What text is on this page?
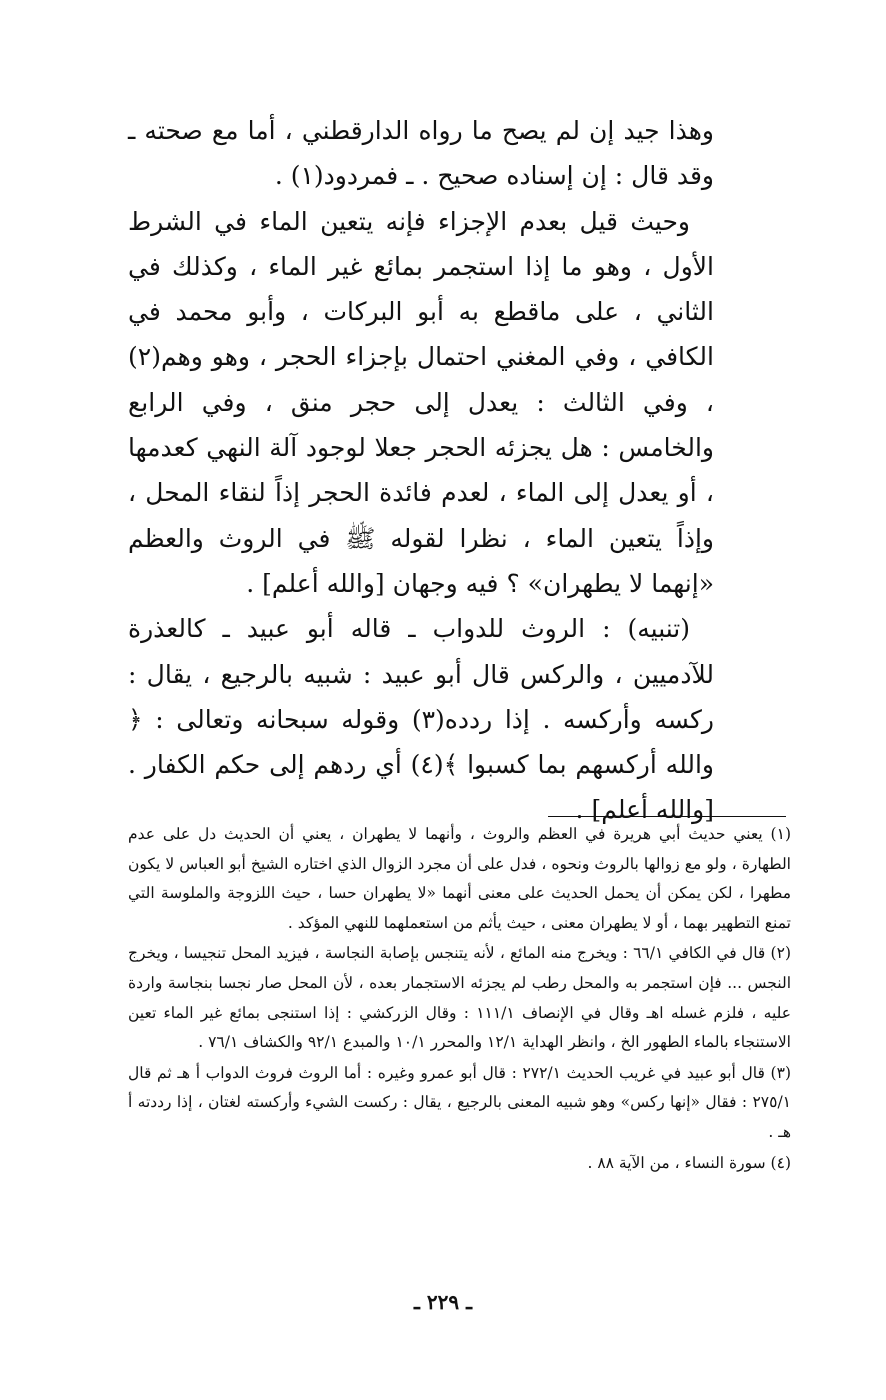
وهذا جيد إن لم يصح ما رواه الدارقطني ، أما مع صحته ـ وقد قال : إن إسناده صحيح . ـ فمردود(١) .

وحيث قيل بعدم الإجزاء فإنه يتعين الماء في الشرط الأول ، وهو ما إذا استجمر بمائع غير الماء ، وكذلك في الثاني ، على ماقطع به أبو البركات ، وأبو محمد في الكافي ، وفي المغني احتمال بإجزاء الحجر ، وهو وهم(٢) ، وفي الثالث : يعدل إلى حجر منق ، وفي الرابع والخامس : هل يجزئه الحجر جعلا لوجود آلة النهي كعدمها ، أو يعدل إلى الماء ، لعدم فائدة الحجر إذاً لنقاء المحل ، وإذاً يتعين الماء ، نظرا لقوله ﷺ في الروث والعظم «إنهما لا يطهران» ؟ فيه وجهان [والله أعلم] .

(تنبيه) : الروث للدواب ـ قاله أبو عبيد ـ كالعذرة للآدميين ، والركس قال أبو عبيد : شبيه بالرجيع ، يقال : ركسه وأركسه . إذا ردده(٣) وقوله سبحانه وتعالى : ﴿ والله أركسهم بما كسبوا ﴾(٤) أي ردهم إلى حكم الكفار . [والله أعلم] .

(١) يعني حديث أبي هريرة في العظم والروث ، وأنهما لا يطهران ، يعني أن الحديث دل على عدم الطهارة ، ولو مع زوالها بالروث ونحوه ، فدل على أن مجرد الزوال الذي اختاره الشيخ أبو العباس لا يكون مطهرا ، لكن يمكن أن يحمل الحديث على معنى أنهما «لا يطهران حسا ، حيث اللزوجة والملوسة التي تمنع التطهير بهما ، أو لا يطهران معنى ، حيث يأثم من استعملهما للنهي المؤكد .

(٢) قال في الكافي ٦٦/١ : ويخرج منه المائع ، لأنه يتنجس بإصابة النجاسة ، فيزيد المحل تنجيسا ، ويخرج النجس ... فإن استجمر به والمحل رطب لم يجزئه الاستجمار بعده ، لأن المحل صار نجسا بنجاسة واردة عليه ، فلزم غسله اهـ وقال في الإنصاف ١١١/١ : وقال الزركشي : إذا استنجى بمائع غير الماء تعين الاستنجاء بالماء الطهور الخ ، وانظر الهداية ١٢/١ والمحرر ١٠/١ والمبدع ٩٢/١ والكشاف ٧٦/١ .

(٣) قال أبو عبيد في غريب الحديث ٢٧٢/١ : قال أبو عمرو وغيره : أما الروث فروث الدواب أ هـ ثم قال ٢٧٥/١ : فقال «إنها ركس» وهو شبيه المعنى بالرجيع ، يقال : ركست الشيء وأركسته لغتان ، إذا رددته أ هـ .

(٤) سورة النساء ، من الآية ٨٨ .

ـ ٢٢٩ ـ
